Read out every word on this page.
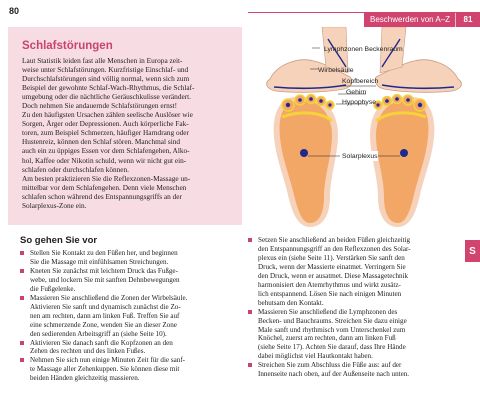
80
Beschwerden von A–Z	81
Schlafstörungen

Laut Statistik leiden fast alle Menschen in Europa zeit-
weise unter Schlafstörungen. Kurzfristige Einschlaf- und
Durchschlafstörungen sind völlig normal, wenn sich zum
Beispiel der gewohnte Schlaf-Wach-Rhythmus, die Schlaf-
umgebung oder die nächtliche Geräuschkulisse verändert.
Doch nehmen Sie andauernde Schlafstörungen ernst!
Zu den häufigsten Ursachen zählen seelische Auslöser wie
Sorgen, Ärger oder Depressionen. Auch körperliche Fak-
toren, zum Beispiel Schmerzen, häufiger Harndrang oder
Hustenreiz, können den Schlaf stören. Manchmal sind
auch ein zu üppiges Essen vor dem Schlafengehen, Alko-
hol, Kaffee oder Nikotin schuld, wenn wir nicht gut ein-
schlafen oder durchschlafen können.
Am besten praktizieren Sie die Reflexzonen-Massage un-
mittelbar vor dem Schlafengehen. Denn viele Menschen
schlafen schon während des Entspannungsgriffs an der
Solarplexus-Zone ein.

Lymphzonen Beckenraum
Wirbelsäule
Kopfbereich
Gehirn
Hypophyse
Solarplexus
So gehen Sie vor
Stellen Sie Kontakt zu den Füßen her, und beginnen
Sie die Massage mit einfühlsamen Streichungen.
Kneten Sie zunächst mit leichtem Druck das Fußge-
webe, und lockern Sie mit sanften Dehnbewegungen
die Fußgelenke.
Massieren Sie anschließend die Zonen der Wirbelsäule.
Aktivieren Sie sanft und dynamisch zunächst die Zo-
nen am rechten, dann am linken Fuß. Treffen Sie auf
eine schmerzende Zone, wenden Sie an dieser Zone
den sedierenden Arbeitsgriff an (siehe Seite 10).
Aktivieren Sie danach sanft die Kopfzonen an den
Zehen des rechten und des linken Fußes.
Nehmen Sie sich nun einige Minuten Zeit für die sanf-
te Massage aller Zehenkuppen. Sie können diese mit
beiden Händen gleichzeitig massieren.
Setzen Sie anschließend an beiden Füßen gleichzeitig
den Entspannungsgriff an den Reflexzonen des Solar-
plexus ein (siehe Seite 11). Verstärken Sie sanft den
Druck, wenn der Massierte einatmet. Verringern Sie
den Druck, wenn er ausatmet. Diese Massagetechnik
harmonisiert den Atemrhythmus und wirkt zusätz-
lich entspannend. Lösen Sie nach einigen Minuten
behutsam den Kontakt.
Massieren Sie anschließend die Lymphzonen des
Becken- und Bauchraums. Streichen Sie dazu einige
Male sanft und rhythmisch vom Unterschenkel zum
Knöchel, zuerst am rechten, dann am linken Fuß
(siehe Seite 17). Achten Sie darauf, dass Ihre Hände
dabei möglichst viel Hautkontakt haben.
Streichen Sie zum Abschluss die Füße aus: auf der
Innenseite nach oben, auf der Außenseite nach unten.
S
